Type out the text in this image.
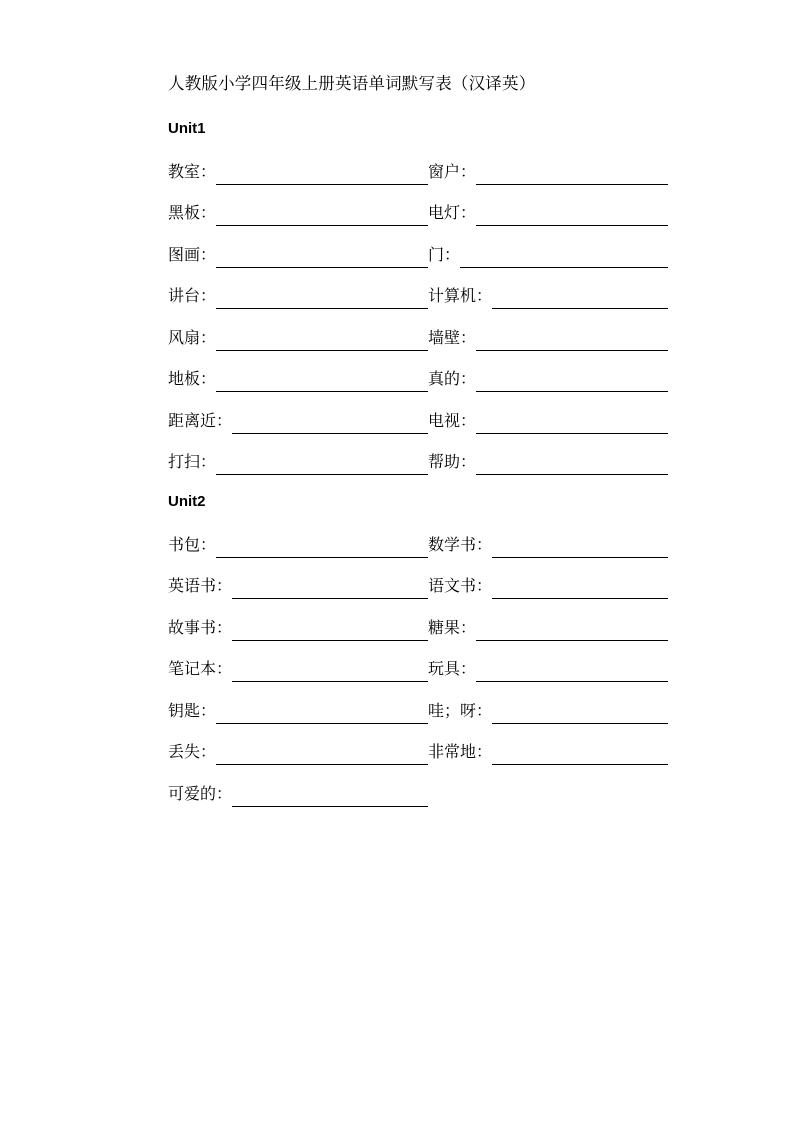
人教版小学四年级上册英语单词默写表（汉译英）
Unit1
教室 ：	窗户 ：
黑板 ：	电灯 ：
图画 ：	门 ：
讲台 ：	计算机 ：
风扇 ：	墙壁 ：
地板 ：	真的 ：
距离近 ：	电视 ：
打扫 ：	帮助 ：
Unit2
书包 ：	数学书 ：
英语书 ：	语文书 ：
故事书 ：	糖果 ：
笔记本 ：	玩具 ：
钥匙 ：	哇；呀 ：
丢失 ：	非常地 ：
可爱的 ：
